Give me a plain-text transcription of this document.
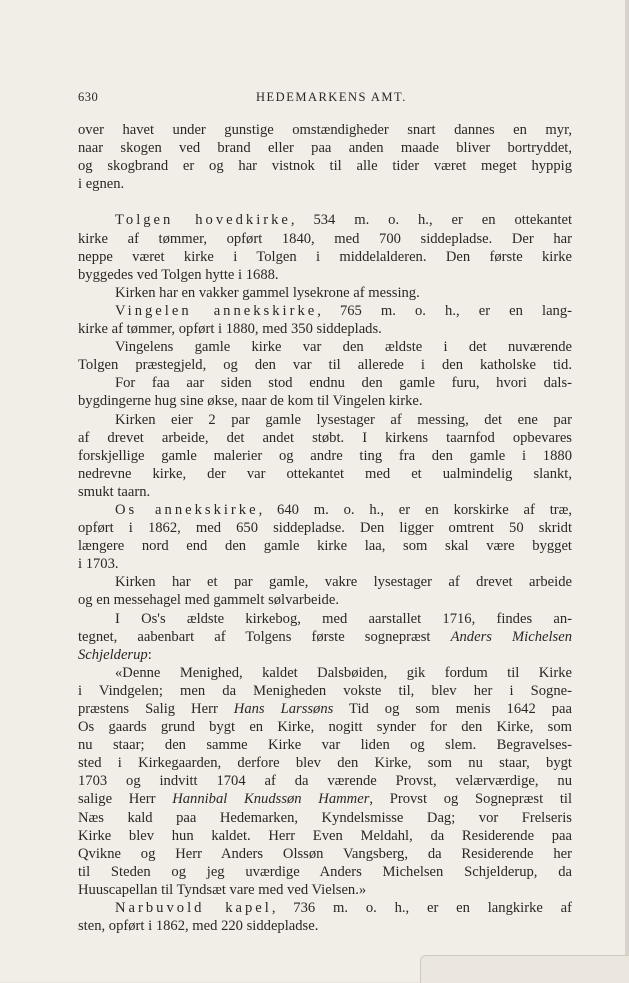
630	HEDEMARKENS AMT.
over havet under gunstige omstændigheder snart dannes en myr,
naar skogen ved brand eller paa anden maade bliver bortryddet,
og skogbrand er og har vistnok til alle tider været meget hyppig
i egnen.
Tolgen hovedkirke, 534 m. o. h., er en ottekantet
kirke af tømmer, opført 1840, med 700 siddepladse. Der har
neppe været kirke i Tolgen i middelalderen. Den første kirke
byggedes ved Tolgen hytte i 1688.
Kirken har en vakker gammel lysekrone af messing.
Vingelen annekskirke, 765 m. o. h., er en lang-
kirke af tømmer, opført i 1880, med 350 siddeplads.
Vingelens gamle kirke var den ældste i det nuværende
Tolgen præstegjeld, og den var til allerede i den katholske tid.
For faa aar siden stod endnu den gamle furu, hvori dals-
bygdingerne hug sine økse, naar de kom til Vingelen kirke.
Kirken eier 2 par gamle lysestager af messing, det ene par
af drevet arbeide, det andet støbt. I kirkens taarnfod opbevares
forskjellige gamle malerier og andre ting fra den gamle i 1880
nedrevne kirke, der var ottekantet med et ualmindelig slankt,
smukt taarn.
Os annekskirke, 640 m. o. h., er en korskirke af træ,
opført i 1862, med 650 siddepladse. Den ligger omtrent 50 skridt
længere nord end den gamle kirke laa, som skal være bygget
i 1703.
Kirken har et par gamle, vakre lysestager af drevet arbeide
og en messehagel med gammelt sølvarbeide.
I Os's ældste kirkebog, med aarstallet 1716, findes an-
tegnet, aabenbart af Tolgens første sognepræst Anders Michelsen
Schjelderup:
«Denne Menighed, kaldet Dalsbøiden, gik fordum til Kirke
i Vindgelen; men da Menigheden vokste til, blev her i Sogne-
præstens Salig Herr Hans Larssøns Tid og som menis 1642 paa
Os gaards grund bygt en Kirke, nogitt synder for den Kirke, som
nu staar; den samme Kirke var liden og slem. Begravelses-
sted i Kirkegaarden, derfore blev den Kirke, som nu staar, bygt
1703 og indvitt 1704 af da værende Provst, velærværdige, nu
salige Herr Hannibal Knudssøn Hammer, Provst og Sognepræst til
Næs kald paa Hedemarken, Kyndelsmisse Dag; vor Frelseris
Kirke blev hun kaldet. Herr Even Meldahl, da Residerende paa
Qvikne og Herr Anders Olssøn Vangsberg, da Residerende her
til Steden og jeg uværdige Anders Michelsen Schjelderup, da
Huuscapellan til Tyndsæt vare med ved Vielsen.»
Narbuvold kapel, 736 m. o. h., er en langkirke af
sten, opført i 1862, med 220 siddepladse.
